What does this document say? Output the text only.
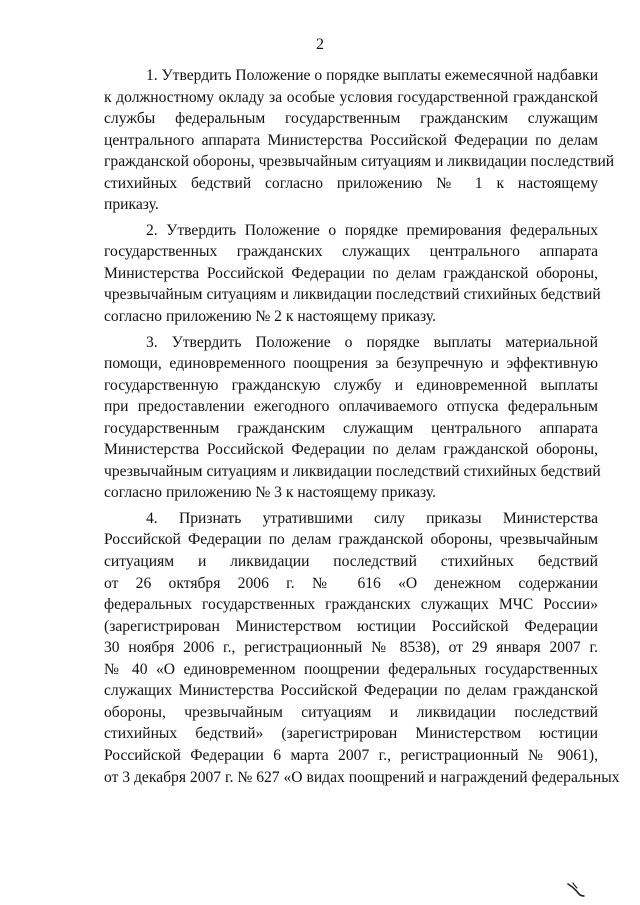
2
1. Утвердить Положение о порядке выплаты ежемесячной надбавки
к должностному окладу за особые условия государственной гражданской
службы федеральным государственным гражданским служащим
центрального аппарата Министерства Российской Федерации по делам
гражданской обороны, чрезвычайным ситуациям и ликвидации последствий
стихийных бедствий согласно приложению № 1 к настоящему
приказу.
2. Утвердить Положение о порядке премирования федеральных
государственных гражданских служащих центрального аппарата
Министерства Российской Федерации по делам гражданской обороны,
чрезвычайным ситуациям и ликвидации последствий стихийных бедствий
согласно приложению № 2 к настоящему приказу.
3. Утвердить Положение о порядке выплаты материальной
помощи, единовременного поощрения за безупречную и эффективную
государственную гражданскую службу и единовременной выплаты
при предоставлении ежегодного оплачиваемого отпуска федеральным
государственным гражданским служащим центрального аппарата
Министерства Российской Федерации по делам гражданской обороны,
чрезвычайным ситуациям и ликвидации последствий стихийных бедствий
согласно приложению № 3 к настоящему приказу.
4. Признать утратившими силу приказы Министерства
Российской Федерации по делам гражданской обороны, чрезвычайным
ситуациям и ликвидации последствий стихийных бедствий
от 26 октября 2006 г. № 616 «О денежном содержании
федеральных государственных гражданских служащих МЧС России»
(зарегистрирован Министерством юстиции Российской Федерации
30 ноября 2006 г., регистрационный № 8538), от 29 января 2007 г.
№ 40 «О единовременном поощрении федеральных государственных
служащих Министерства Российской Федерации по делам гражданской
обороны, чрезвычайным ситуациям и ликвидации последствий
стихийных бедствий» (зарегистрирован Министерством юстиции
Российской Федерации 6 марта 2007 г., регистрационный № 9061),
от 3 декабря 2007 г. № 627 «О видах поощрений и награждений федеральных
